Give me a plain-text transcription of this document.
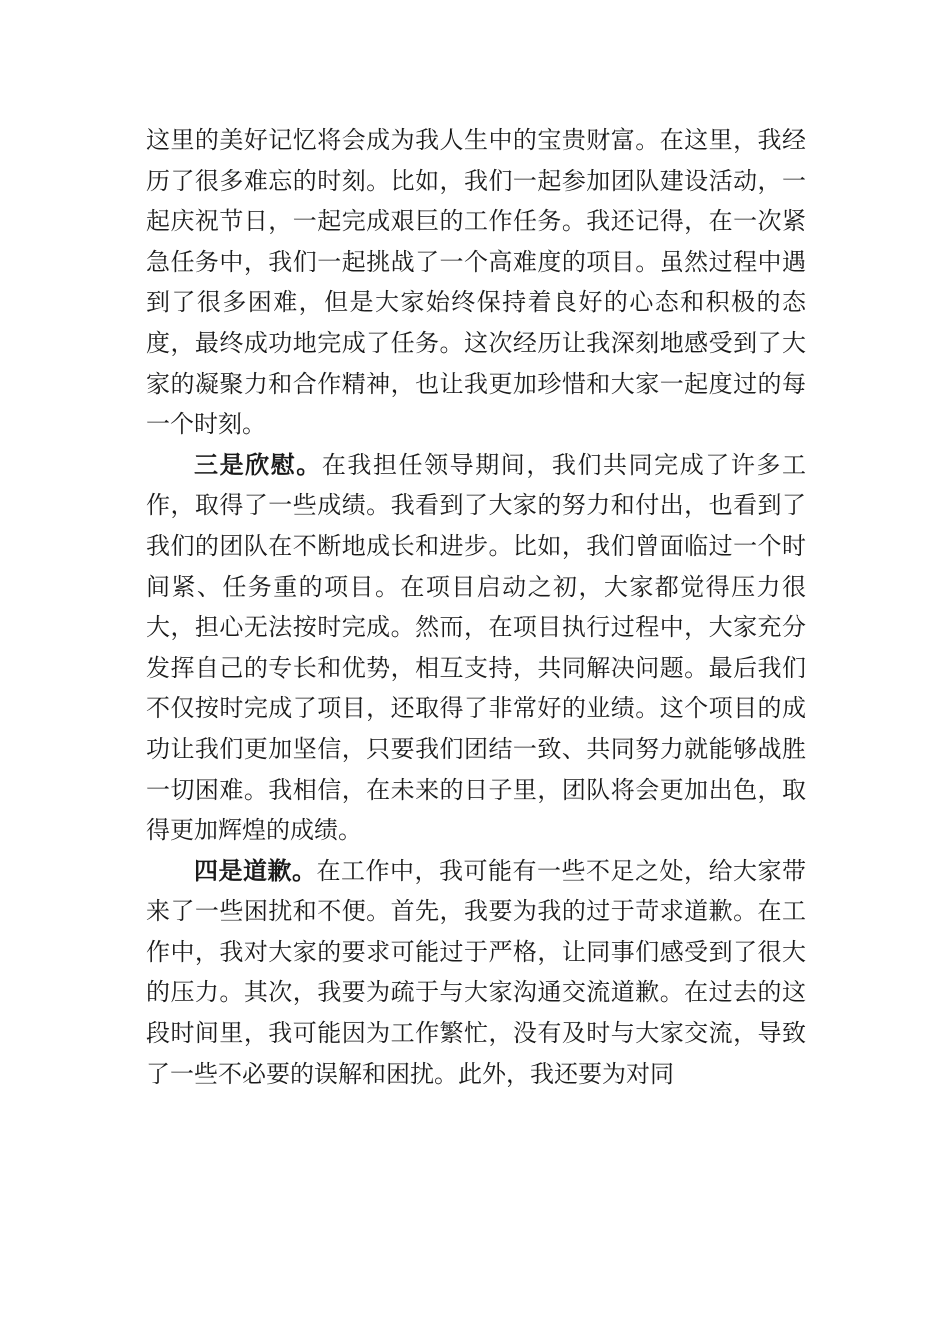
这里的美好记忆将会成为我人生中的宝贵财富。在这里，我经历了很多难忘的时刻。比如，我们一起参加团队建设活动，一起庆祝节日，一起完成艰巨的工作任务。我还记得，在一次紧急任务中，我们一起挑战了一个高难度的项目。虽然过程中遇到了很多困难，但是大家始终保持着良好的心态和积极的态度，最终成功地完成了任务。这次经历让我深刻地感受到了大家的凝聚力和合作精神，也让我更加珍惜和大家一起度过的每一个时刻。

三是欣慰。在我担任领导期间，我们共同完成了许多工作，取得了一些成绩。我看到了大家的努力和付出，也看到了我们的团队在不断地成长和进步。比如，我们曾面临过一个时间紧、任务重的项目。在项目启动之初，大家都觉得压力很大，担心无法按时完成。然而，在项目执行过程中，大家充分发挥自己的专长和优势，相互支持，共同解决问题。最后我们不仅按时完成了项目，还取得了非常好的业绩。这个项目的成功让我们更加坚信，只要我们团结一致、共同努力就能够战胜一切困难。我相信，在未来的日子里，团队将会更加出色，取得更加辉煌的成绩。

四是道歉。在工作中，我可能有一些不足之处，给大家带来了一些困扰和不便。首先，我要为我的过于苛求道歉。在工作中，我对大家的要求可能过于严格，让同事们感受到了很大的压力。其次，我要为疏于与大家沟通交流道歉。在过去的这段时间里，我可能因为工作繁忙，没有及时与大家交流，导致了一些不必要的误解和困扰。此外，我还要为对同
